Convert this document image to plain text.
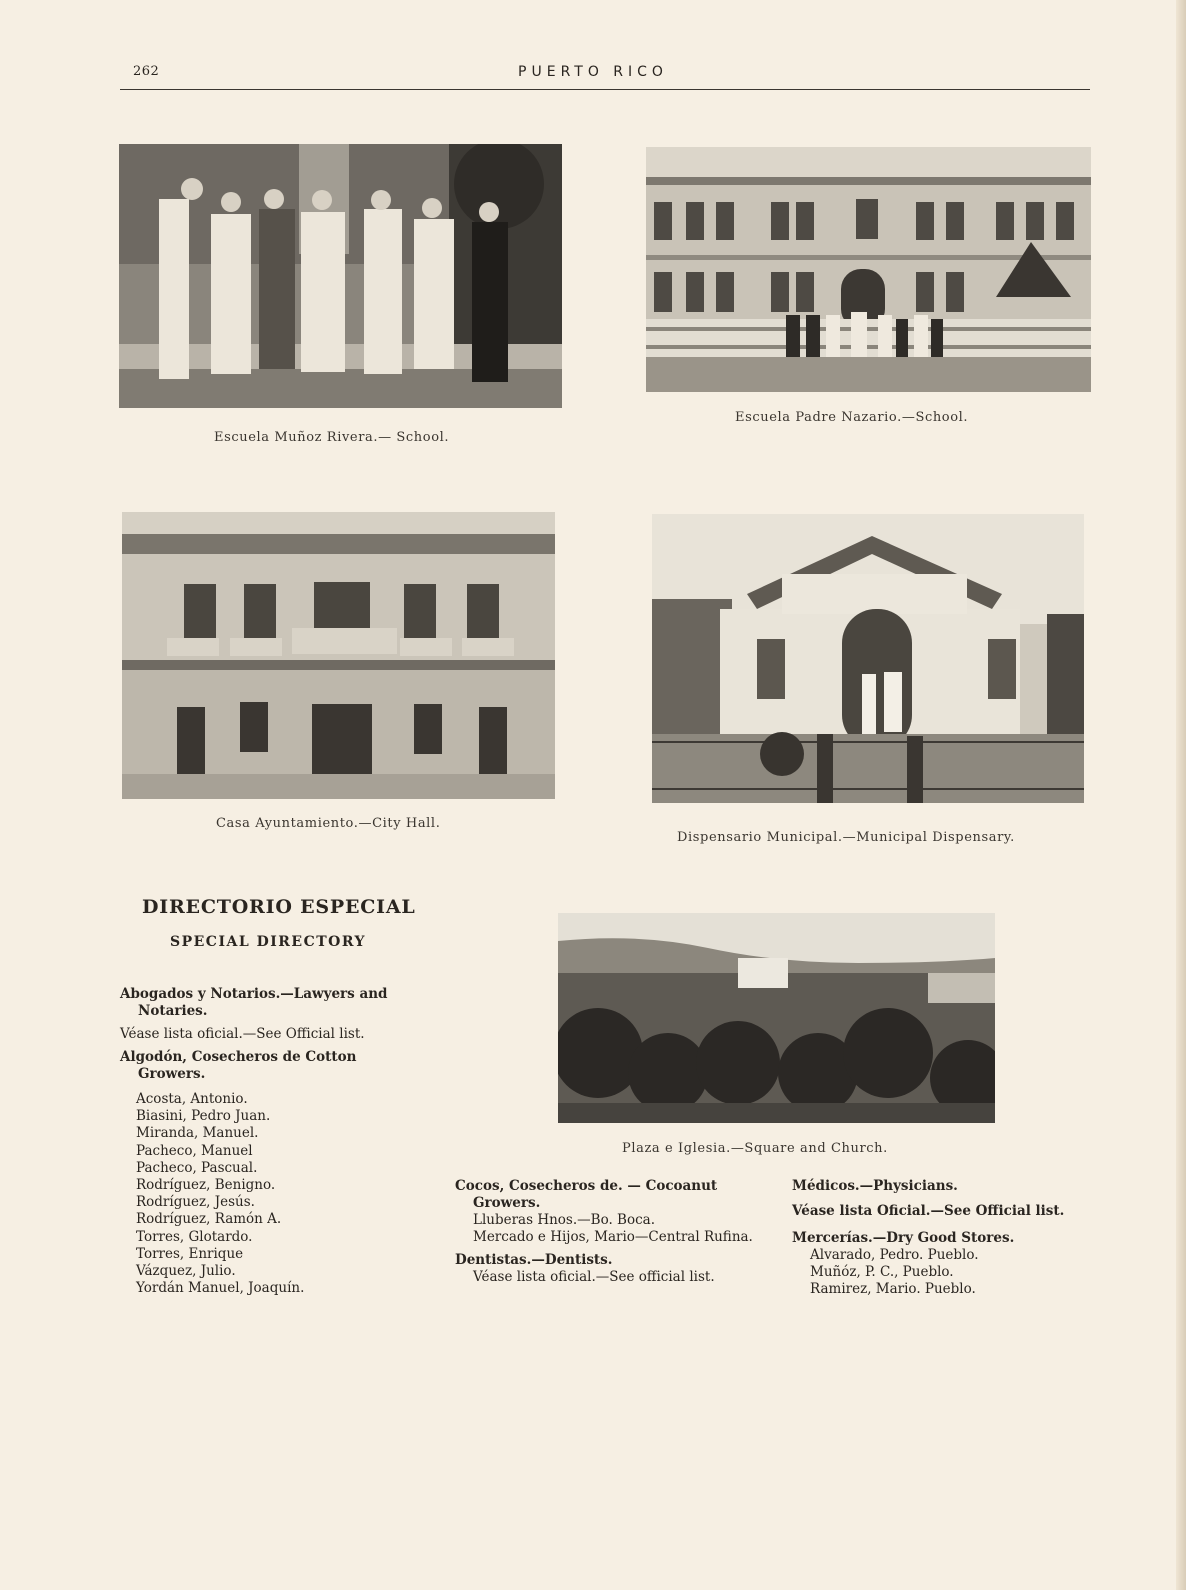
262	PUERTO RICO
Escuela Muñoz Rivera.— School.
Escuela Padre Nazario.—School.
Casa Ayuntamiento.—City Hall.
Dispensario Municipal.—Municipal Dispensary.
Plaza e Iglesia.—Square and Church.
DIRECTORIO ESPECIAL
SPECIAL DIRECTORY
Abogados y Notarios.—Lawyers and Notaries.
Véase lista oficial.—See Official list.
Algodón, Cosecheros de Cotton Growers.
Acosta, Antonio.
Biasini, Pedro Juan.
Miranda, Manuel.
Pacheco, Manuel
Pacheco, Pascual.
Rodríguez, Benigno.
Rodríguez, Jesús.
Rodríguez, Ramón A.
Torres, Glotardo.
Torres, Enrique
Vázquez, Julio.
Yordán Manuel, Joaquín.
Cocos, Cosecheros de. — Cocoanut Growers.
Lluberas Hnos.—Bo. Boca.
Mercado e Hijos, Mario—Central Rufina.
Dentistas.—Dentists.
Véase lista oficial.—See official list.
Médicos.—Physicians.
Véase lista Oficial.—See Official list.
Mercerías.—Dry Good Stores.
Alvarado, Pedro. Pueblo.
Muñóz, P. C., Pueblo.
Ramirez, Mario. Pueblo.
